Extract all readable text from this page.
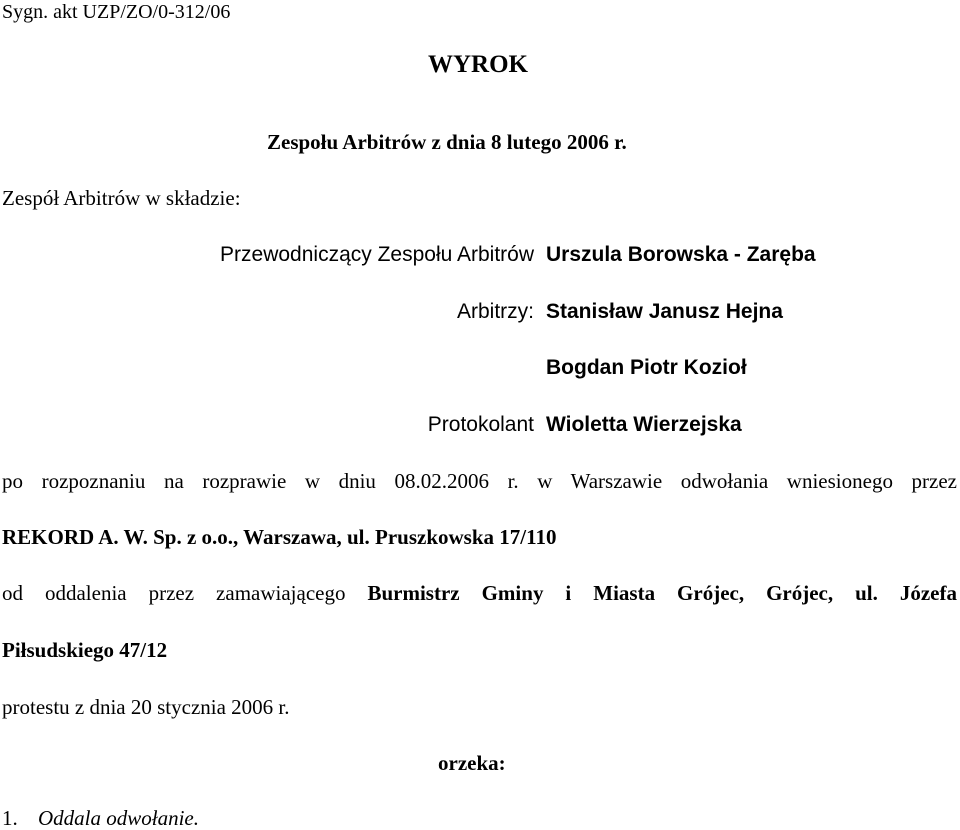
Sygn. akt UZP/ZO/0-312/06
WYROK
Zespołu Arbitrów z dnia 8 lutego 2006 r.
Zespół Arbitrów w składzie:
Przewodniczący Zespołu Arbitrów Urszula Borowska - Zaręba
Arbitrzy: Stanisław Janusz Hejna
Bogdan Piotr Kozioł
Protokolant Wioletta Wierzejska
po rozpoznaniu na rozprawie w dniu 08.02.2006 r. w Warszawie odwołania wniesionego przez
REKORD A. W. Sp. z o.o., Warszawa, ul. Pruszkowska 17/110
od oddalenia przez zamawiającego Burmistrz Gminy i Miasta Grójec, Grójec, ul. Józefa
Piłsudskiego 47/12
protestu z dnia 20 stycznia 2006 r.
orzeka:
1. Oddala odwołanie.
